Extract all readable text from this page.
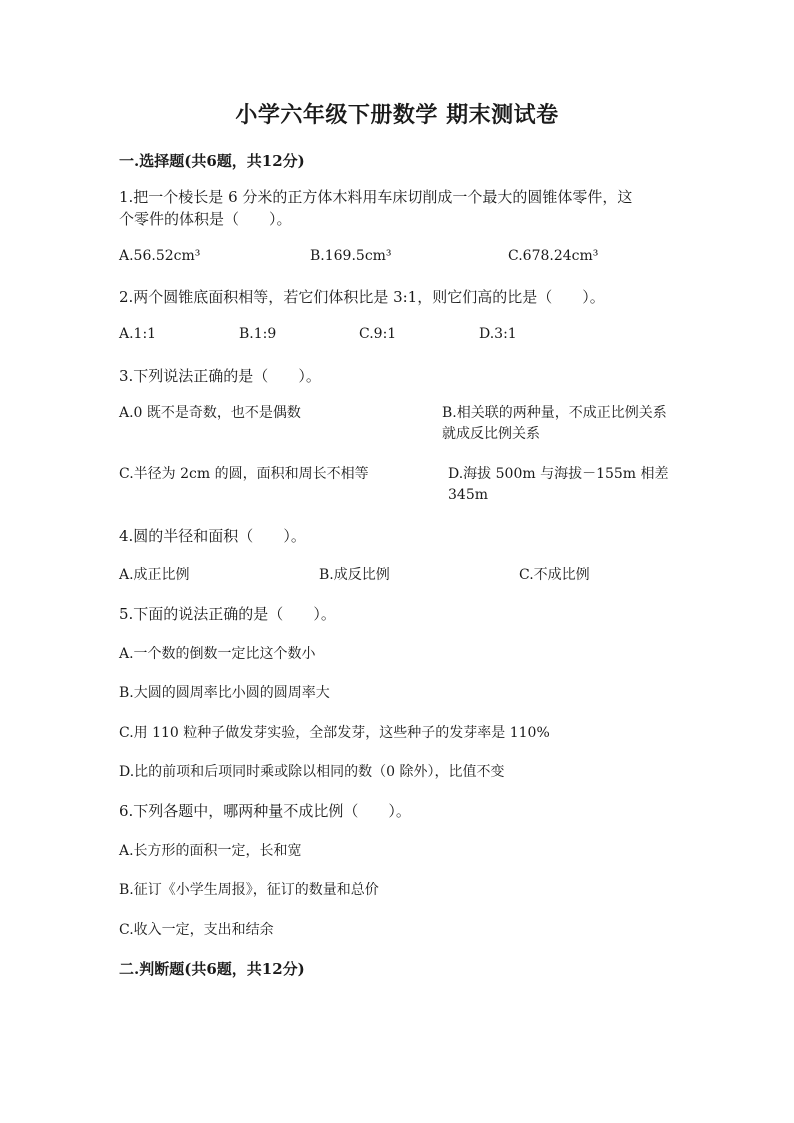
小学六年级下册数学 期末测试卷
一.选择题(共6题，共12分)
1.把一个棱长是 6 分米的正方体木料用车床切削成一个最大的圆锥体零件，这
个零件的体积是（　　）。
A.56.52cm³	B.169.5cm³	C.678.24cm³
2.两个圆锥底面积相等，若它们体积比是 3:1，则它们高的比是（　　）。
A.1:1	B.1:9	C.9:1	D.3:1
3.下列说法正确的是（　　）。
A.0 既不是奇数，也不是偶数	B.相关联的两种量，不成正比例关系就成反比例关系
C.半径为 2cm 的圆，面积和周长不相等	D.海拔 500m 与海拔－155m 相差 345m
4.圆的半径和面积（　　）。
A.成正比例	B.成反比例	C.不成比例
5.下面的说法正确的是（　　）。
A.一个数的倒数一定比这个数小
B.大圆的圆周率比小圆的圆周率大
C.用 110 粒种子做发芽实验，全部发芽，这些种子的发芽率是 110%
D.比的前项和后项同时乘或除以相同的数（0 除外），比值不变
6.下列各题中，哪两种量不成比例（　　）。
A.长方形的面积一定，长和宽
B.征订《小学生周报》，征订的数量和总价
C.收入一定，支出和结余
二.判断题(共6题，共12分)
